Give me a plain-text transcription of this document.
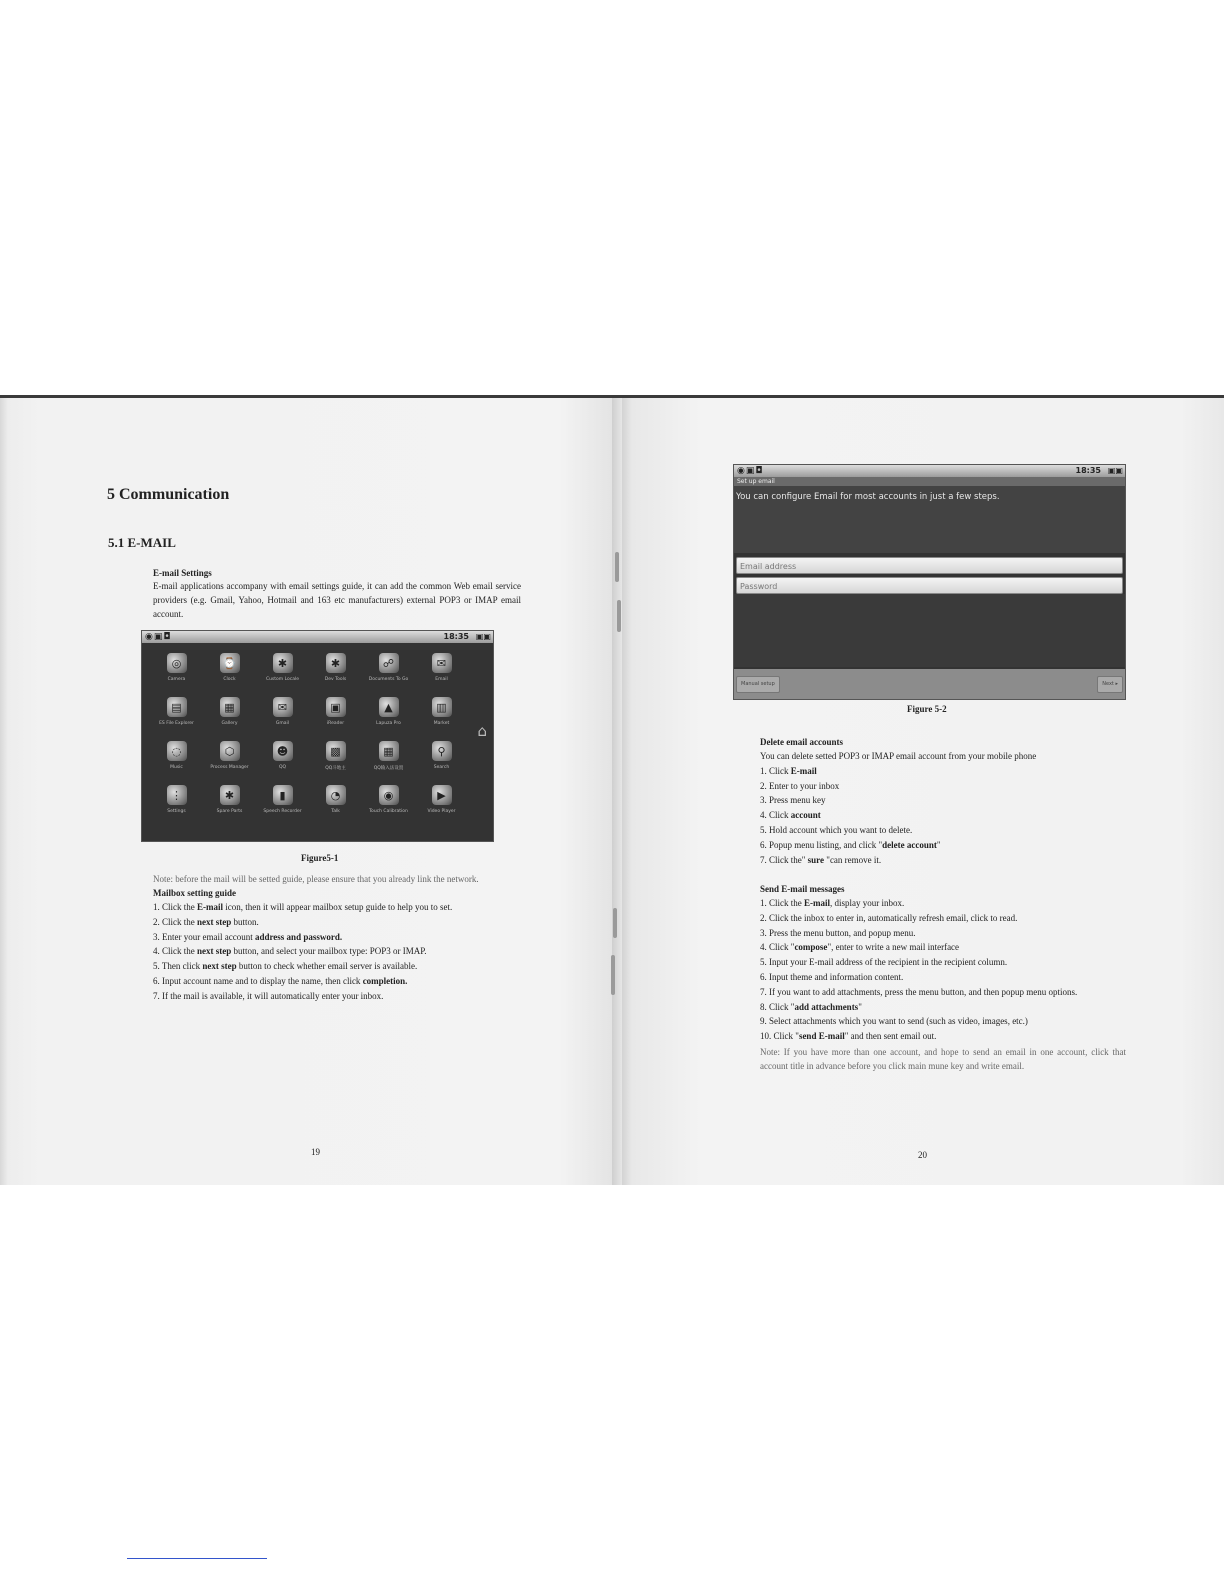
5 Communication
5.1 E-MAIL
E-mail Settings
E-mail applications accompany with email settings guide, it can add the common Web email service providers (e.g. Gmail, Yahoo, Hotmail and 163 etc manufacturers) external POP3 or IMAP email account.
◉▣◘	18:35 ▣▣
◎
Camera
⌚
Clock
✱
Custom Locale
✱
Dev Tools
☍
Documents To Go
✉
Email
▤
ES File Explorer
▦
Gallery
✉
Gmail
▣
iReader
▲
Lapuza Pro
▥
Market
◌
Music
⬡
Process Manager
☻
QQ
▩
QQ斗地主
▦
QQ输入法设置
⚲
Search
⋮
Settings
✱
Spare Parts
▮
Speech Recorder
◔
Talk
◉
Touch Calibration
▶
Video Player
⌂
Figure5-1
Note: before the mail will be setted guide, please ensure that you already link the network.
Mailbox setting guide
1. Click the E-mail icon, then it will appear mailbox setup guide to help you to set.
2. Click the next step button.
3. Enter your email account address and password.
4. Click the next step button, and select your mailbox type: POP3 or IMAP.
5. Then click next step button to check whether email server is available.
6. Input account name and to display the name, then click completion.
7. If the mail is available, it will automatically enter your inbox.
19
◉▣◘	18:35 ▣▣
Set up email
You can configure Email for most accounts in just a few steps.
Email address
Password
Manual setup	Next ▸
Figure 5-2
Delete email accounts
You can delete setted POP3 or IMAP email account from your mobile phone
1. Click E-mail
2. Enter to your inbox
3. Press menu key
4. Click account
5. Hold account which you want to delete.
6. Popup menu listing, and click "delete account"
7. Click the" sure "can remove it.
Send E-mail messages
1. Click the E-mail, display your inbox.
2. Click the inbox to enter in, automatically refresh email, click to read.
3. Press the menu button, and popup menu.
4. Click "compose", enter to write a new mail interface
5. Input your E-mail address of the recipient in the recipient column.
6. Input theme and information content.
7. If you want to add attachments, press the menu button, and then popup menu options.
8. Click "add attachments"
9. Select attachments which you want to send (such as video, images, etc.)
10. Click "send E-mail" and then sent email out.
Note: If you have more than one account, and hope to send an email in one account, click that account title in advance before you click main mune key and write email.
20
